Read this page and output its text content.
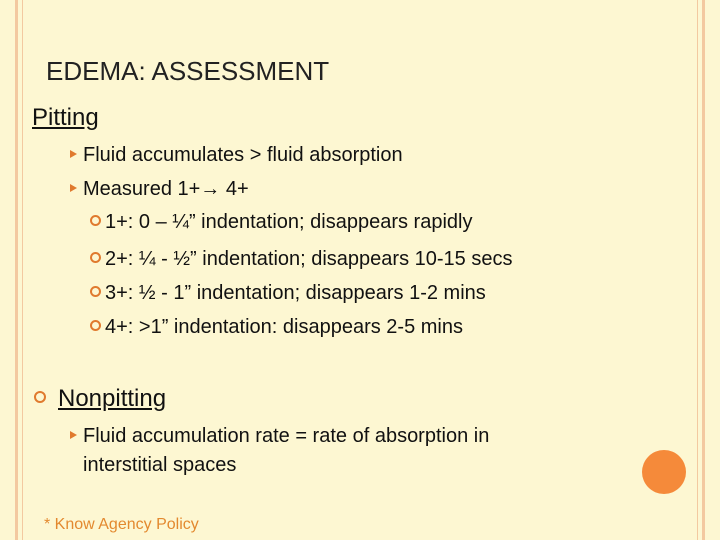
EDEMA: ASSESSMENT
Pitting
Fluid accumulates > fluid absorption
Measured 1+→ 4+
1+: 0 – ¼” indentation; disappears rapidly
2+: ¼ - ½” indentation; disappears 10-15 secs
3+: ½ - 1” indentation; disappears 1-2 mins
4+: >1” indentation: disappears 2-5 mins
Nonpitting
Fluid accumulation rate = rate of absorption in
interstitial spaces
* Know Agency Policy
